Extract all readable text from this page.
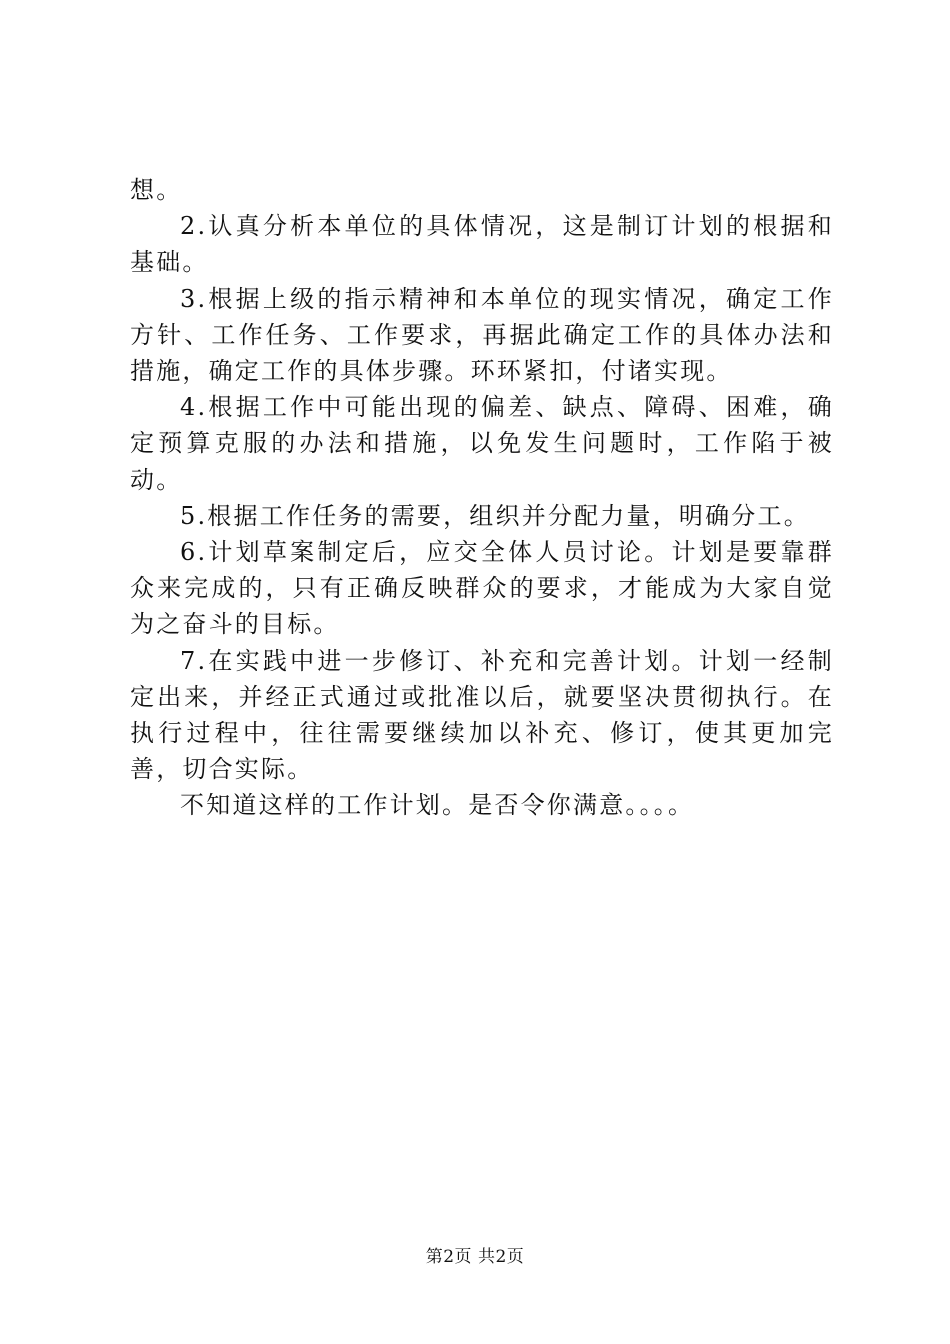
想。

2.认真分析本单位的具体情况，这是制订计划的根据和基础。

3.根据上级的指示精神和本单位的现实情况，确定工作方针、工作任务、工作要求，再据此确定工作的具体办法和措施，确定工作的具体步骤。环环紧扣，付诸实现。

4.根据工作中可能出现的偏差、缺点、障碍、困难，确定预算克服的办法和措施，以免发生问题时，工作陷于被动。

5.根据工作任务的需要，组织并分配力量，明确分工。

6.计划草案制定后，应交全体人员讨论。计划是要靠群众来完成的，只有正确反映群众的要求，才能成为大家自觉为之奋斗的目标。

7.在实践中进一步修订、补充和完善计划。计划一经制定出来，并经正式通过或批准以后，就要坚决贯彻执行。在执行过程中，往往需要继续加以补充、修订，使其更加完善，切合实际。

不知道这样的工作计划。是否令你满意。。。。

第2页 共2页
